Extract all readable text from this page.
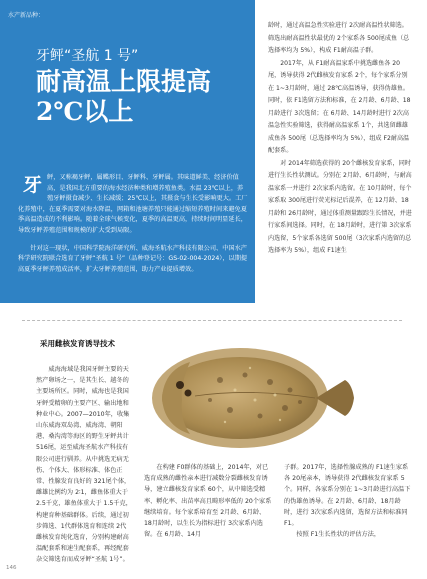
水产新品种：
牙鲆“圣航 1 号”
耐高温上限提高 2℃以上
牙 鲆，又称褐牙鲆，属鲽形目、牙鲆科、牙鲆属。其味道鲜美、经济价值高，是我国北方重要的海水经济种类和增养殖鱼类。水温 23℃以上，养殖牙鲆摄食减少、生长减缓；25℃以上，其摄食与生长受影响更大。工厂化养殖中，在夏季需要对海水降温，网箱和池塘养殖只能通过缩短养殖时间来避免夏季高温造成的不利影响。随着全球气候变化，夏季的高温更高，持续时间明显延长，导致牙鲆养殖范围和规模的扩大受到局限。

针对这一现状，中国科学院海洋研究所、威海圣航水产科技有限公司、中国水产科学研究院联合选育了牙鲆“圣航 1 号”（品种登记号：GS-02-004-2024），以期提高夏季牙鲆养殖成活率，扩大牙鲆养殖范围，助力产业提质增效。

龄时，通过高温急性实验进行 2次耐高温性状筛选。筛选出耐高温性状最优的 2个家系各 500尾成鱼（总选择率均为 5%），构成 F1耐高温子群。

2017年，从 F1耐高温家系中挑选雌鱼各 20尾，诱导获得 2代雌核发育家系 2个，每个家系分别在 1~3月龄时，通过 28℃高温诱导，获得伪雄鱼。同时，依 F1选留方法和标准，在 2月龄、6月龄、18月龄进行 3次选留；在 6月龄、14月龄时进行 2次高温急性实验筛选，获得耐高温家系 1个，共选留雌雄成鱼各 500尾（总选择率均为 5%），组成 F2耐高温配套系。

对 2014年筛选获得的 20个雌核发育家系，同时进行生长性状测试。分别在 2月龄、6月龄时，与耐高温家系一并进行 2次家系内选留。在 10月龄时，每个家系取 300尾进行荧光标记后混养，在 12月龄、18月龄和 26月龄时，通过体重测量跟踪生长情况，并进行家系间选择。同时，在 18月龄时，进行第 3次家系内选留，5个家系各选留 500尾（3次家系内选留的总选择率为 5%），组成 F1速生

采用雌核发育诱导技术
威海海域是我国牙鲆主要的天然产卵场之一，是其生长、越冬的主要场所区。同时，威海也是我国牙鲆受精卵的主要产区、输出地和种业中心。2007—2010年，收集山东威海双岛湾、威海湾、朝阳港、桑沟湾等海区的野生牙鲆共计 516尾，运至威海圣航水产科技有限公司进行驯养。从中挑选无病无伤、个体大、体形标准、体色正常、性腺发育良好的 321尾个体，雌雄比例约为 2∶1，雌鱼体重大于 2.5千克，雄鱼体重大于 1.5千克，构建育种基础群体。后续，通过初步筛选、1代群体选育和连续 2代雌核发育纯化选育，分别构建耐高温配套系和速生配套系，再经配套杂交筛选育而成牙鲆“圣航 1号”。
在构建 F0群体的基础上，2014年，对已选育成熟的雌性亲本进行减数分裂雌核发育诱导，建立雌核发育家系 60个，从中筛选受精率、孵化率、出苗率高且畸形率低的 20个家系继续培育。每个家系培育至 2月龄、6月龄、18月龄时，以生长为指标进行 3次家系内选留。在 6月龄、14月

子群。2017年，选择性腺成熟的 F1速生家系各 20尾亲本，诱导获得 2代雌核发育家系 5个。同样，各家系分别在 1~3月龄进行高温下的伪雄鱼诱导。在 2月龄、6月龄、18月龄时，进行 3次家系内选留，选留方法和标准同 F1。

按照 F1生长性状的评估方法，

146
